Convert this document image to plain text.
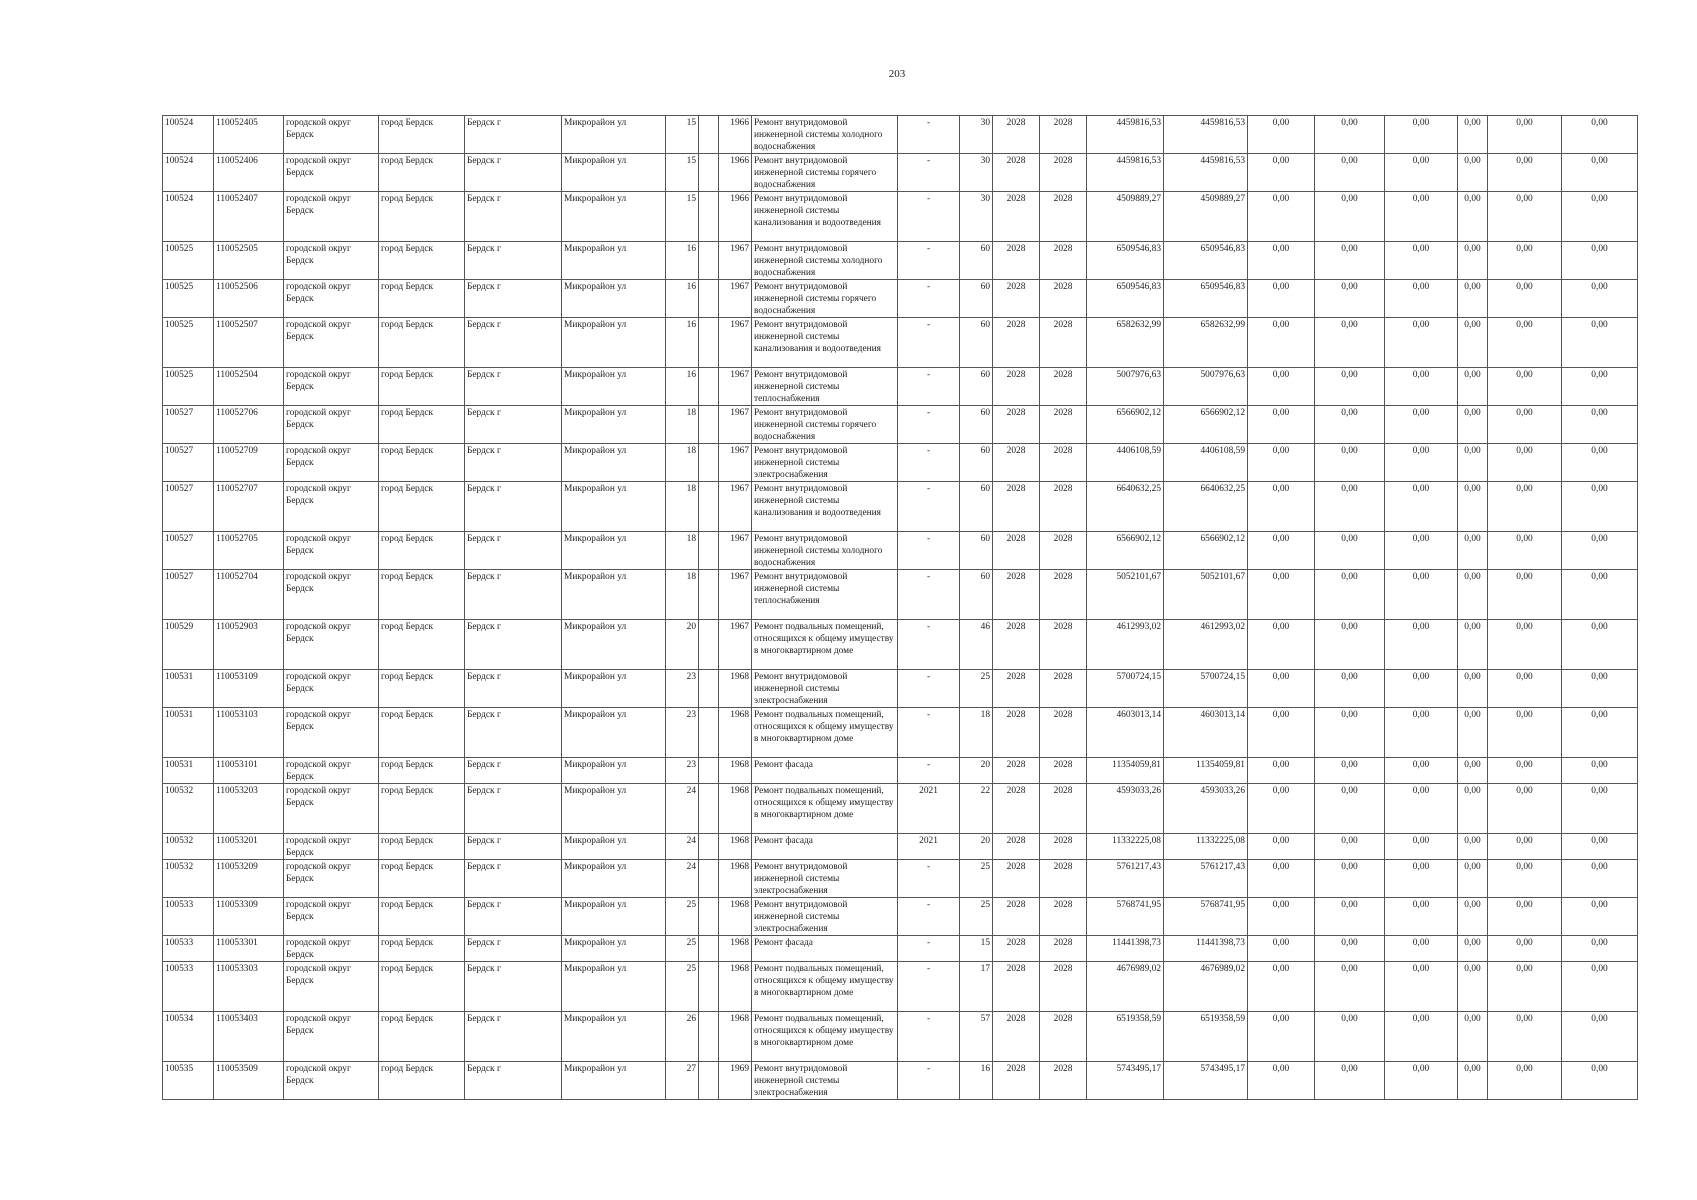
203
100524	110052405	городской округ Бердск	город Бердск	Бердск г	Микрорайон ул	15		1966	Ремонт внутридомовой инженерной системы холодного водоснабжения	-	30	2028	2028	4459816,53	4459816,53	0,00	0,00	0,00	0,00	0,00	0,00
100524	110052406	городской округ Бердск	город Бердск	Бердск г	Микрорайон ул	15		1966	Ремонт внутридомовой инженерной системы горячего водоснабжения	-	30	2028	2028	4459816,53	4459816,53	0,00	0,00	0,00	0,00	0,00	0,00
100524	110052407	городской округ Бердск	город Бердск	Бердск г	Микрорайон ул	15		1966	Ремонт внутридомовой инженерной системы канализования и водоотведения	-	30	2028	2028	4509889,27	4509889,27	0,00	0,00	0,00	0,00	0,00	0,00
100525	110052505	городской округ Бердск	город Бердск	Бердск г	Микрорайон ул	16		1967	Ремонт внутридомовой инженерной системы холодного водоснабжения	-	60	2028	2028	6509546,83	6509546,83	0,00	0,00	0,00	0,00	0,00	0,00
100525	110052506	городской округ Бердск	город Бердск	Бердск г	Микрорайон ул	16		1967	Ремонт внутридомовой инженерной системы горячего водоснабжения	-	60	2028	2028	6509546,83	6509546,83	0,00	0,00	0,00	0,00	0,00	0,00
100525	110052507	городской округ Бердск	город Бердск	Бердск г	Микрорайон ул	16		1967	Ремонт внутридомовой инженерной системы канализования и водоотведения	-	60	2028	2028	6582632,99	6582632,99	0,00	0,00	0,00	0,00	0,00	0,00
100525	110052504	городской округ Бердск	город Бердск	Бердск г	Микрорайон ул	16		1967	Ремонт внутридомовой инженерной системы теплоснабжения	-	60	2028	2028	5007976,63	5007976,63	0,00	0,00	0,00	0,00	0,00	0,00
100527	110052706	городской округ Бердск	город Бердск	Бердск г	Микрорайон ул	18		1967	Ремонт внутридомовой инженерной системы горячего водоснабжения	-	60	2028	2028	6566902,12	6566902,12	0,00	0,00	0,00	0,00	0,00	0,00
100527	110052709	городской округ Бердск	город Бердск	Бердск г	Микрорайон ул	18		1967	Ремонт внутридомовой инженерной системы электроснабжения	-	60	2028	2028	4406108,59	4406108,59	0,00	0,00	0,00	0,00	0,00	0,00
100527	110052707	городской округ Бердск	город Бердск	Бердск г	Микрорайон ул	18		1967	Ремонт внутридомовой инженерной системы канализования и водоотведения	-	60	2028	2028	6640632,25	6640632,25	0,00	0,00	0,00	0,00	0,00	0,00
100527	110052705	городской округ Бердск	город Бердск	Бердск г	Микрорайон ул	18		1967	Ремонт внутридомовой инженерной системы холодного водоснабжения	-	60	2028	2028	6566902,12	6566902,12	0,00	0,00	0,00	0,00	0,00	0,00
100527	110052704	городской округ Бердск	город Бердск	Бердск г	Микрорайон ул	18		1967	Ремонт внутридомовой инженерной системы теплоснабжения	-	60	2028	2028	5052101,67	5052101,67	0,00	0,00	0,00	0,00	0,00	0,00
100529	110052903	городской округ Бердск	город Бердск	Бердск г	Микрорайон ул	20		1967	Ремонт подвальных помещений, относящихся к общему имуществу в многоквартирном доме	-	46	2028	2028	4612993,02	4612993,02	0,00	0,00	0,00	0,00	0,00	0,00
100531	110053109	городской округ Бердск	город Бердск	Бердск г	Микрорайон ул	23		1968	Ремонт внутридомовой инженерной системы электроснабжения	-	25	2028	2028	5700724,15	5700724,15	0,00	0,00	0,00	0,00	0,00	0,00
100531	110053103	городской округ Бердск	город Бердск	Бердск г	Микрорайон ул	23		1968	Ремонт подвальных помещений, относящихся к общему имуществу в многоквартирном доме	-	18	2028	2028	4603013,14	4603013,14	0,00	0,00	0,00	0,00	0,00	0,00
100531	110053101	городской округ Бердск	город Бердск	Бердск г	Микрорайон ул	23		1968	Ремонт фасада	-	20	2028	2028	11354059,81	11354059,81	0,00	0,00	0,00	0,00	0,00	0,00
100532	110053203	городской округ Бердск	город Бердск	Бердск г	Микрорайон ул	24		1968	Ремонт подвальных помещений, относящихся к общему имуществу в многоквартирном доме	2021	22	2028	2028	4593033,26	4593033,26	0,00	0,00	0,00	0,00	0,00	0,00
100532	110053201	городской округ Бердск	город Бердск	Бердск г	Микрорайон ул	24		1968	Ремонт фасада	2021	20	2028	2028	11332225,08	11332225,08	0,00	0,00	0,00	0,00	0,00	0,00
100532	110053209	городской округ Бердск	город Бердск	Бердск г	Микрорайон ул	24		1968	Ремонт внутридомовой инженерной системы электроснабжения	-	25	2028	2028	5761217,43	5761217,43	0,00	0,00	0,00	0,00	0,00	0,00
100533	110053309	городской округ Бердск	город Бердск	Бердск г	Микрорайон ул	25		1968	Ремонт внутридомовой инженерной системы электроснабжения	-	25	2028	2028	5768741,95	5768741,95	0,00	0,00	0,00	0,00	0,00	0,00
100533	110053301	городской округ Бердск	город Бердск	Бердск г	Микрорайон ул	25		1968	Ремонт фасада	-	15	2028	2028	11441398,73	11441398,73	0,00	0,00	0,00	0,00	0,00	0,00
100533	110053303	городской округ Бердск	город Бердск	Бердск г	Микрорайон ул	25		1968	Ремонт подвальных помещений, относящихся к общему имуществу в многоквартирном доме	-	17	2028	2028	4676989,02	4676989,02	0,00	0,00	0,00	0,00	0,00	0,00
100534	110053403	городской округ Бердск	город Бердск	Бердск г	Микрорайон ул	26		1968	Ремонт подвальных помещений, относящихся к общему имуществу в многоквартирном доме	-	57	2028	2028	6519358,59	6519358,59	0,00	0,00	0,00	0,00	0,00	0,00
100535	110053509	городской округ Бердск	город Бердск	Бердск г	Микрорайон ул	27		1969	Ремонт внутридомовой инженерной системы электроснабжения	-	16	2028	2028	5743495,17	5743495,17	0,00	0,00	0,00	0,00	0,00	0,00
